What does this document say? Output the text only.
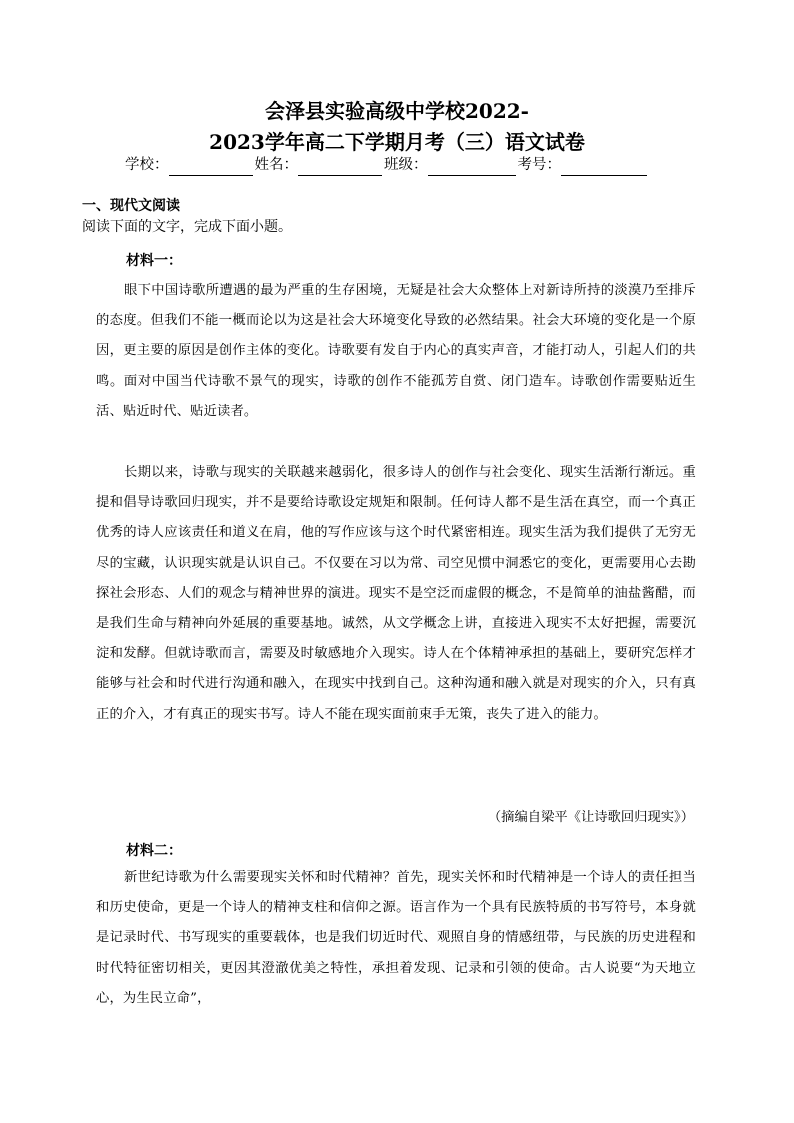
会泽县实验高级中学校2022-
2023学年高二下学期月考（三）语文试卷
学校：	姓名：	班级：	考号：
一、现代文阅读
阅读下面的文字，完成下面小题。
材料一：

眼下中国诗歌所遭遇的最为严重的生存困境，无疑是社会大众整体上对新诗所持的淡漠乃至排斥的态度。但我们不能一概而论以为这是社会大环境变化导致的必然结果。社会大环境的变化是一个原因，更主要的原因是创作主体的变化。诗歌要有发自于内心的真实声音，才能打动人，引起人们的共鸣。面对中国当代诗歌不景气的现实，诗歌的创作不能孤芳自赏、闭门造车。诗歌创作需要贴近生活、贴近时代、贴近读者。

长期以来，诗歌与现实的关联越来越弱化，很多诗人的创作与社会变化、现实生活渐行渐远。重提和倡导诗歌回归现实，并不是要给诗歌设定规矩和限制。任何诗人都不是生活在真空，而一个真正优秀的诗人应该责任和道义在肩，他的写作应该与这个时代紧密相连。现实生活为我们提供了无穷无尽的宝藏，认识现实就是认识自己。不仅要在习以为常、司空见惯中洞悉它的变化，更需要用心去勘探社会形态、人们的观念与精神世界的演进。现实不是空泛而虚假的概念，不是简单的油盐酱醋，而是我们生命与精神向外延展的重要基地。诚然，从文学概念上讲，直接进入现实不太好把握，需要沉淀和发酵。但就诗歌而言，需要及时敏感地介入现实。诗人在个体精神承担的基础上，要研究怎样才能够与社会和时代进行沟通和融入，在现实中找到自己。这种沟通和融入就是对现实的介入，只有真正的介入，才有真正的现实书写。诗人不能在现实面前束手无策，丧失了进入的能力。

（摘编自梁平《让诗歌回归现实》）
材料二：

新世纪诗歌为什么需要现实关怀和时代精神？首先，现实关怀和时代精神是一个诗人的责任担当和历史使命，更是一个诗人的精神支柱和信仰之源。语言作为一个具有民族特质的书写符号，本身就是记录时代、书写现实的重要载体，也是我们切近时代、观照自身的情感纽带，与民族的历史进程和时代特征密切相关，更因其澄澈优美之特性，承担着发现、记录和引领的使命。古人说要“为天地立心，为生民立命”，
